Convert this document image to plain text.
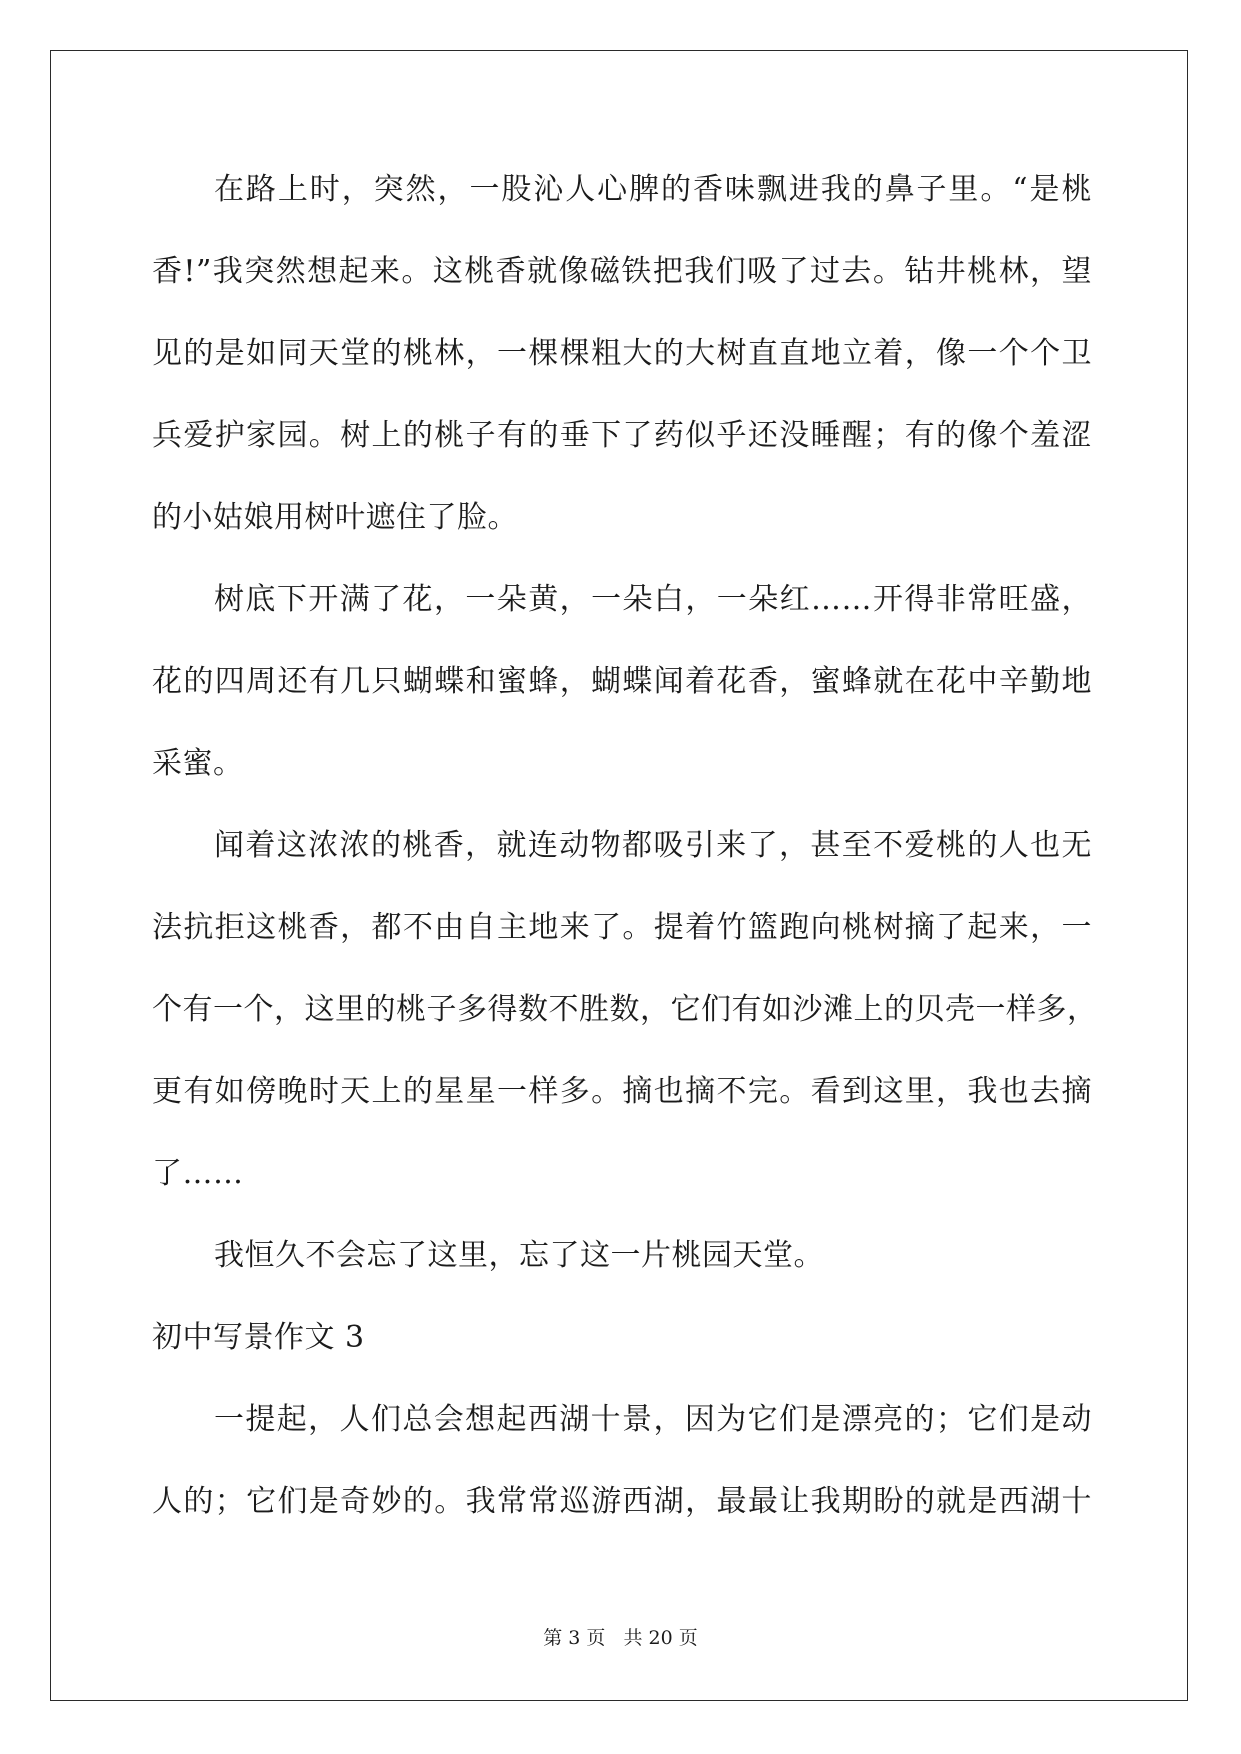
在路上时，突然，一股沁人心脾的香味飘进我的鼻子里。“是桃
香!”我突然想起来。这桃香就像磁铁把我们吸了过去。钻井桃林，望
见的是如同天堂的桃林，一棵棵粗大的大树直直地立着，像一个个卫
兵爱护家园。树上的桃子有的垂下了药似乎还没睡醒；有的像个羞涩
的小姑娘用树叶遮住了脸。
树底下开满了花，一朵黄，一朵白，一朵红……开得非常旺盛，
花的四周还有几只蝴蝶和蜜蜂，蝴蝶闻着花香，蜜蜂就在花中辛勤地
采蜜。
闻着这浓浓的桃香，就连动物都吸引来了，甚至不爱桃的人也无
法抗拒这桃香，都不由自主地来了。提着竹篮跑向桃树摘了起来，一
个有一个，这里的桃子多得数不胜数，它们有如沙滩上的贝壳一样多，
更有如傍晚时天上的星星一样多。摘也摘不完。看到这里，我也去摘
了……
我恒久不会忘了这里，忘了这一片桃园天堂。
初中写景作文 3
一提起，人们总会想起西湖十景，因为它们是漂亮的；它们是动
人的；它们是奇妙的。我常常巡游西湖，最最让我期盼的就是西湖十
第 3 页 共 20 页
